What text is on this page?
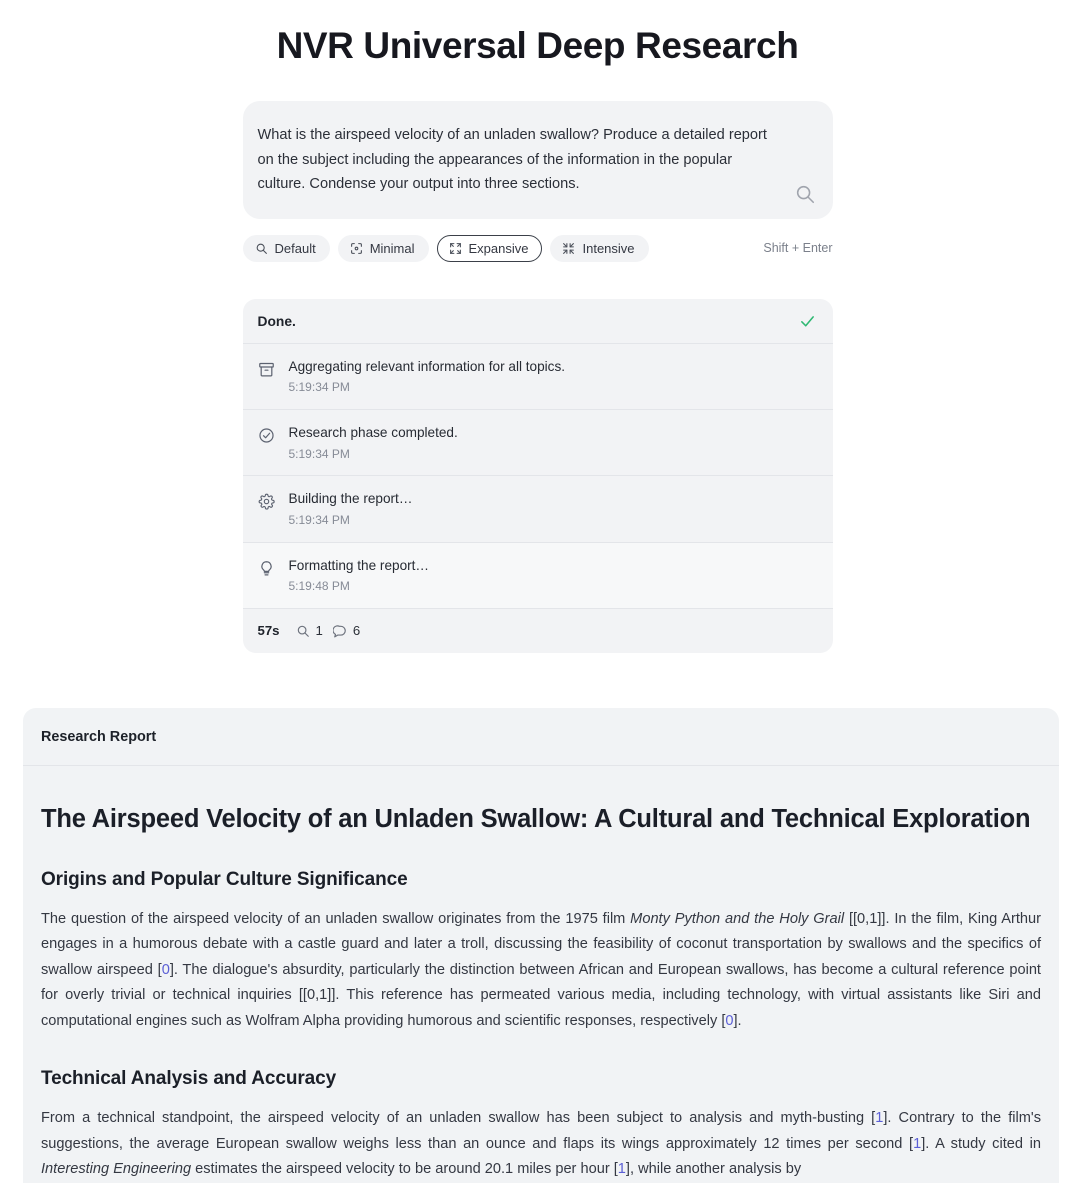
NVR Universal Deep Research
What is the airspeed velocity of an unladen swallow? Produce a detailed report on the subject including the appearances of the information in the popular culture. Condense your output into three sections.
Default	Minimal	Expansive	Intensive	Shift + Enter
Done.
Aggregating relevant information for all topics.
5:19:34 PM
Research phase completed.
5:19:34 PM
Building the report…
5:19:34 PM
Formatting the report…
5:19:48 PM
57s	1 6
Research Report
The Airspeed Velocity of an Unladen Swallow: A Cultural and Technical Exploration
Origins and Popular Culture Significance

The question of the airspeed velocity of an unladen swallow originates from the 1975 film Monty Python and the Holy Grail [[0,1]]. In the film, King Arthur engages in a humorous debate with a castle guard and later a troll, discussing the feasibility of coconut transportation by swallows and the specifics of swallow airspeed [0]. The dialogue's absurdity, particularly the distinction between African and European swallows, has become a cultural reference point for overly trivial or technical inquiries [[0,1]]. This reference has permeated various media, including technology, with virtual assistants like Siri and computational engines such as Wolfram Alpha providing humorous and scientific responses, respectively [0].

Technical Analysis and Accuracy

From a technical standpoint, the airspeed velocity of an unladen swallow has been subject to analysis and myth-busting [1]. Contrary to the film's suggestions, the average European swallow weighs less than an ounce and flaps its wings approximately 12 times per second [1]. A study cited in Interesting Engineering estimates the airspeed velocity to be around 20.1 miles per hour [1], while another analysis by
